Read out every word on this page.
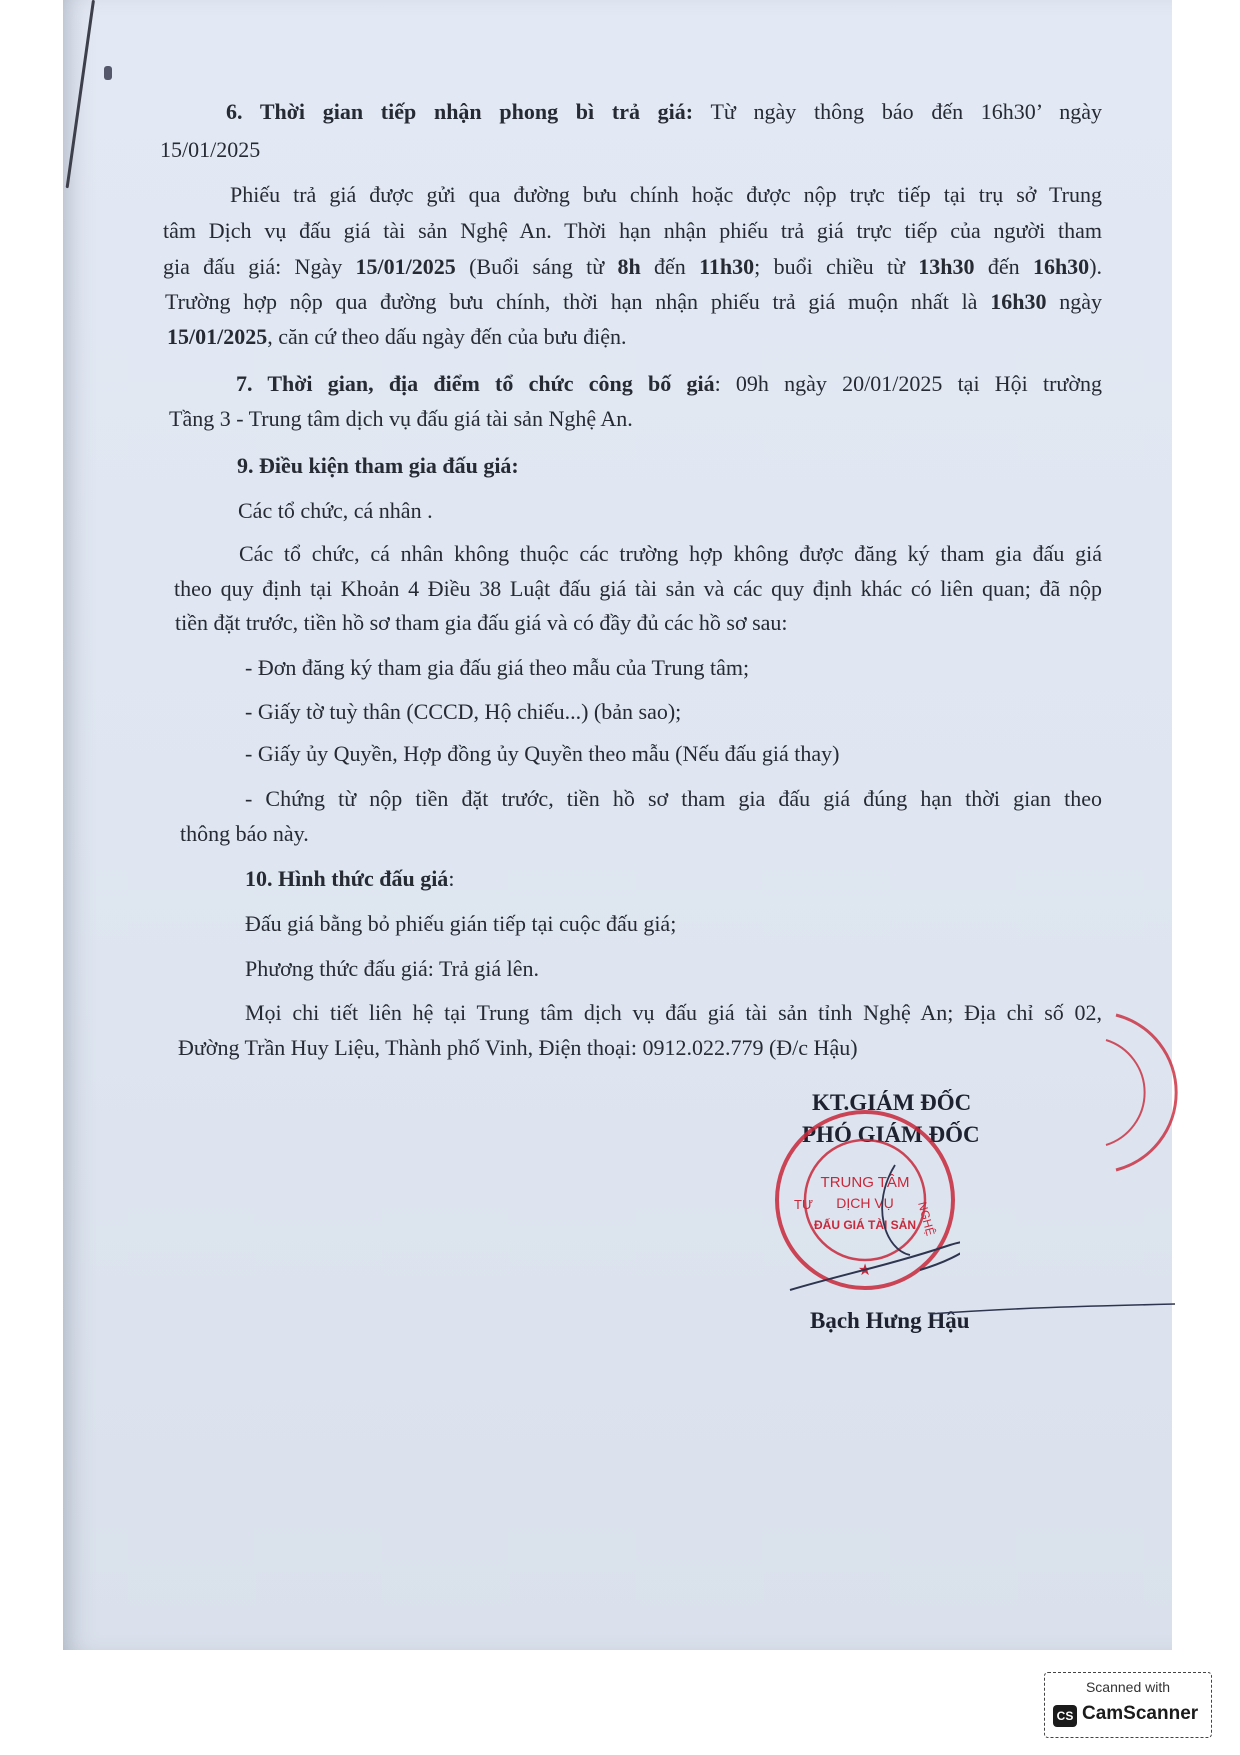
6. Thời gian tiếp nhận phong bì trả giá: Từ ngày thông báo đến 16h30’ ngày
15/01/2025
Phiếu trả giá được gửi qua đường bưu chính hoặc được nộp trực tiếp tại trụ sở Trung
tâm Dịch vụ đấu giá tài sản Nghệ An. Thời hạn nhận phiếu trả giá trực tiếp của người tham
gia đấu giá: Ngày 15/01/2025 (Buổi sáng từ 8h đến 11h30; buổi chiều từ 13h30 đến 16h30).
Trường hợp nộp qua đường bưu chính, thời hạn nhận phiếu trả giá muộn nhất là 16h30 ngày
15/01/2025, căn cứ theo dấu ngày đến của bưu điện.
7. Thời gian, địa điểm tổ chức công bố giá: 09h ngày 20/01/2025 tại Hội trường
Tầng 3 - Trung tâm dịch vụ đấu giá tài sản Nghệ An.
9. Điều kiện tham gia đấu giá:
Các tổ chức, cá nhân .
Các tổ chức, cá nhân không thuộc các trường hợp không được đăng ký tham gia đấu giá
theo quy định tại Khoản 4 Điều 38 Luật đấu giá tài sản và các quy định khác có liên quan; đã nộp
tiền đặt trước, tiền hồ sơ tham gia đấu giá và có đầy đủ các hồ sơ sau:
- Đơn đăng ký tham gia đấu giá theo mẫu của Trung tâm;
- Giấy tờ tuỳ thân (CCCD, Hộ chiếu...) (bản sao);
- Giấy ủy Quyền, Hợp đồng ủy Quyền theo mẫu (Nếu đấu giá thay)
- Chứng từ nộp tiền đặt trước, tiền hồ sơ tham gia đấu giá đúng hạn thời gian theo
thông báo này.
10. Hình thức đấu giá:
Đấu giá bằng bỏ phiếu gián tiếp tại cuộc đấu giá;
Phương thức đấu giá: Trả giá lên.
Mọi chi tiết liên hệ tại Trung tâm dịch vụ đấu giá tài sản tỉnh Nghệ An; Địa chỉ số 02,
Đường Trần Huy Liệu, Thành phố Vinh, Điện thoại: 0912.022.779 (Đ/c Hậu)
KT.GIÁM ĐỐC
PHÓ GIÁM ĐỐC
Bạch Hưng Hậu
TRUNG TÂM
DỊCH VỤ
ĐẤU GIÁ TÀI SẢN
TƯ	NGHỆ
★
Scanned with
CS CamScanner
